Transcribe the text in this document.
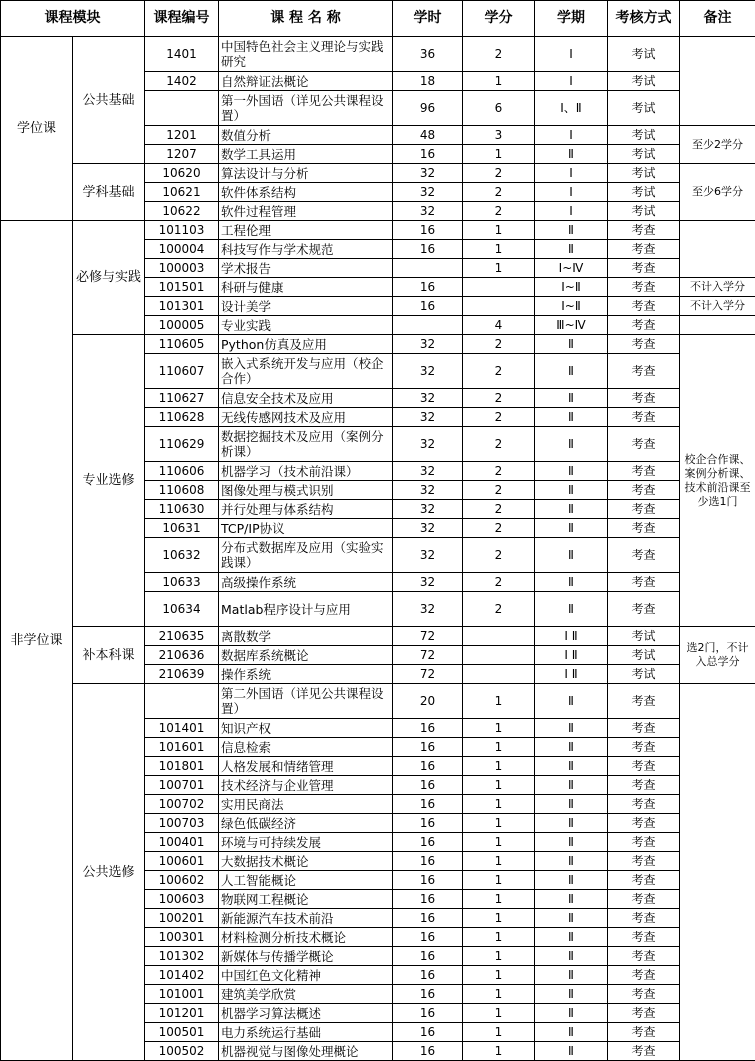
课程模块		课程编号	课 程 名 称	学时	学分	学期	考核方式	备注
学位课	公共基础	1401	中国特色社会主义理论与实践研究	36	2	Ⅰ	考试	
		1402	自然辩证法概论	18	1	Ⅰ	考试	
			第一外国语（详见公共课程设置）	96	6	Ⅰ、Ⅱ	考试	
		1201	数值分析	48	3	Ⅰ	考试	至少2学分
		1207	数学工具运用	16	1	Ⅱ	考试	
	学科基础	10620	算法设计与分析	32	2	Ⅰ	考试	至少6学分
		10621	软件体系结构	32	2	Ⅰ	考试	
		10622	软件过程管理	32	2	Ⅰ	考试	
非学位课	必修与实践	101103	工程伦理	16	1	Ⅱ	考查	
		100004	科技写作与学术规范	16	1	Ⅱ	考查	
		100003	学术报告		1	Ⅰ~Ⅳ	考查	
		101501	科研与健康	16		Ⅰ~Ⅱ	考查	不计入学分
		101301	设计美学	16		Ⅰ~Ⅱ	考查	不计入学分
		100005	专业实践		4	Ⅲ~Ⅳ	考查	
	专业选修	110605	Python仿真及应用	32	2	Ⅱ	考查	校企合作课、案例分析课、技术前沿课至少选1门
		110607	嵌入式系统开发与应用（校企合作）	32	2	Ⅱ	考查	
		110627	信息安全技术及应用	32	2	Ⅱ	考查	
		110628	无线传感网技术及应用	32	2	Ⅱ	考查	
		110629	数据挖掘技术及应用（案例分析课）	32	2	Ⅱ	考查	
		110606	机器学习（技术前沿课）	32	2	Ⅱ	考查	
		110608	图像处理与模式识别	32	2	Ⅱ	考查	
		110630	并行处理与体系结构	32	2	Ⅱ	考查	
		10631	TCP/IP协议	32	2	Ⅱ	考查	
		10632	分布式数据库及应用（实验实践课）	32	2	Ⅱ	考查	
		10633	高级操作系统	32	2	Ⅱ	考查	
		10634	Matlab程序设计与应用	32	2	Ⅱ	考查	
	补本科课	210635	离散数学	72		Ⅰ Ⅱ	考试	选2门，不计入总学分
		210636	数据库系统概论	72		Ⅰ Ⅱ	考试	
		210639	操作系统	72		Ⅰ Ⅱ	考试	
	公共选修		第二外国语（详见公共课程设置）	20	1	Ⅱ	考查	
		101401	知识产权	16	1	Ⅱ	考查	
		101601	信息检索	16	1	Ⅱ	考查	
		101801	人格发展和情绪管理	16	1	Ⅱ	考查	
		100701	技术经济与企业管理	16	1	Ⅱ	考查	
		100702	实用民商法	16	1	Ⅱ	考查	
		100703	绿色低碳经济	16	1	Ⅱ	考查	
		100401	环境与可持续发展	16	1	Ⅱ	考查	
		100601	大数据技术概论	16	1	Ⅱ	考查	
		100602	人工智能概论	16	1	Ⅱ	考查	
		100603	物联网工程概论	16	1	Ⅱ	考查	
		100201	新能源汽车技术前沿	16	1	Ⅱ	考查	
		100301	材料检测分析技术概论	16	1	Ⅱ	考查	
		101302	新媒体与传播学概论	16	1	Ⅱ	考查	
		101402	中国红色文化精神	16	1	Ⅱ	考查	
		101001	建筑美学欣赏	16	1	Ⅱ	考查	
		101201	机器学习算法概述	16	1	Ⅱ	考查	
		100501	电力系统运行基础	16	1	Ⅱ	考查	
		100502	机器视觉与图像处理概论	16	1	Ⅱ	考查	
